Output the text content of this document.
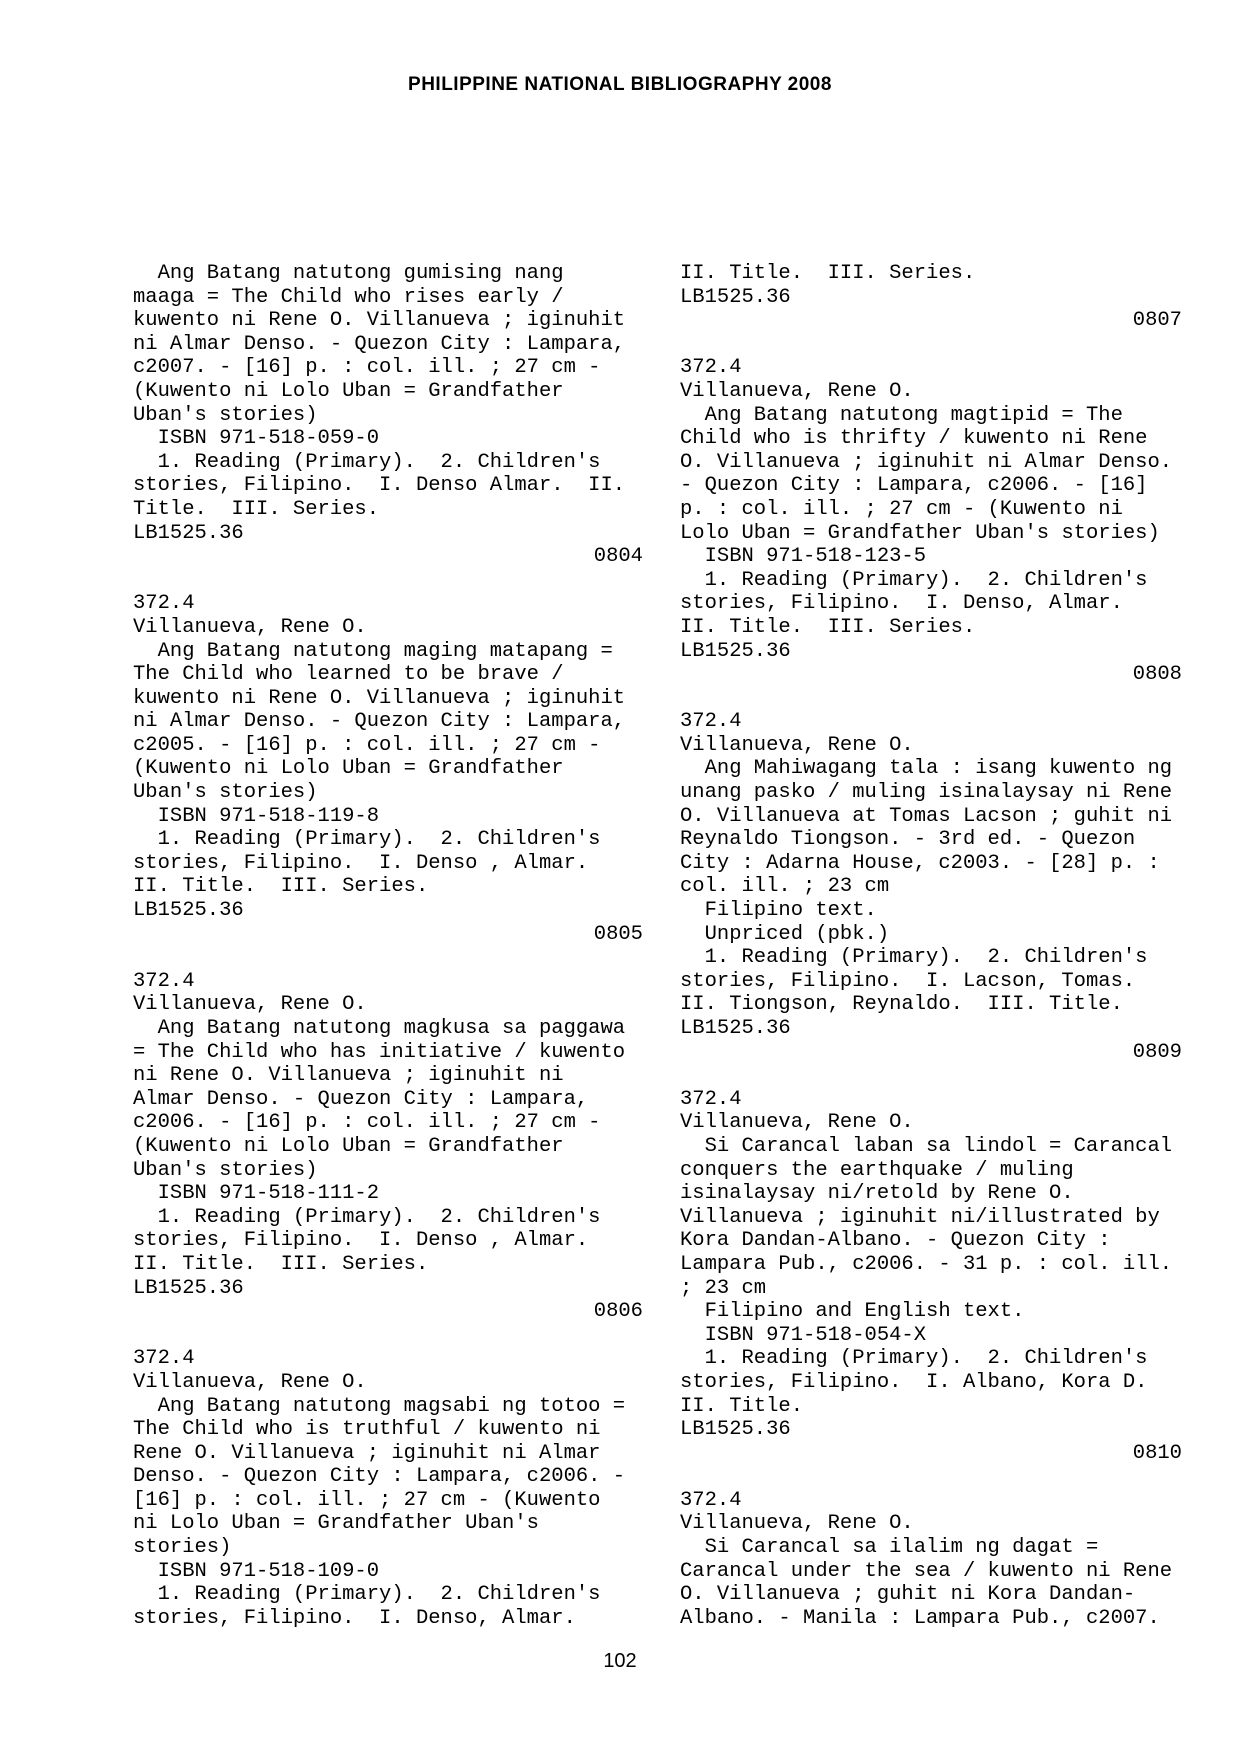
PHILIPPINE NATIONAL BIBLIOGRAPHY 2008
Ang Batang natutong gumising nang
maaga = The Child who rises early /
kuwento ni Rene O. Villanueva ; iginuhit
ni Almar Denso. - Quezon City : Lampara,
c2007. - [16] p. : col. ill. ; 27 cm -
(Kuwento ni Lolo Uban = Grandfather
Uban's stories)
ISBN 971-518-059-0
1. Reading (Primary).  2. Children's
stories, Filipino.  I. Denso Almar.  II.
Title.  III. Series.
LB1525.36
0804
372.4
Villanueva, Rene O.
Ang Batang natutong maging matapang =
The Child who learned to be brave /
kuwento ni Rene O. Villanueva ; iginuhit
ni Almar Denso. - Quezon City : Lampara,
c2005. - [16] p. : col. ill. ; 27 cm -
(Kuwento ni Lolo Uban = Grandfather
Uban's stories)
ISBN 971-518-119-8
1. Reading (Primary).  2. Children's
stories, Filipino.  I. Denso , Almar.
II. Title.  III. Series.
LB1525.36
0805
372.4
Villanueva, Rene O.
Ang Batang natutong magkusa sa paggawa
= The Child who has initiative / kuwento
ni Rene O. Villanueva ; iginuhit ni
Almar Denso. - Quezon City : Lampara,
c2006. - [16] p. : col. ill. ; 27 cm -
(Kuwento ni Lolo Uban = Grandfather
Uban's stories)
ISBN 971-518-111-2
1. Reading (Primary).  2. Children's
stories, Filipino.  I. Denso , Almar.
II. Title.  III. Series.
LB1525.36
0806
372.4
Villanueva, Rene O.
Ang Batang natutong magsabi ng totoo =
The Child who is truthful / kuwento ni
Rene O. Villanueva ; iginuhit ni Almar
Denso. - Quezon City : Lampara, c2006. -
[16] p. : col. ill. ; 27 cm - (Kuwento
ni Lolo Uban = Grandfather Uban's
stories)
ISBN 971-518-109-0
1. Reading (Primary).  2. Children's
stories, Filipino.  I. Denso, Almar.
II. Title.  III. Series.
LB1525.36
0807
372.4
Villanueva, Rene O.
Ang Batang natutong magtipid = The
Child who is thrifty / kuwento ni Rene
O. Villanueva ; iginuhit ni Almar Denso.
- Quezon City : Lampara, c2006. - [16]
p. : col. ill. ; 27 cm - (Kuwento ni
Lolo Uban = Grandfather Uban's stories)
ISBN 971-518-123-5
1. Reading (Primary).  2. Children's
stories, Filipino.  I. Denso, Almar.
II. Title.  III. Series.
LB1525.36
0808
372.4
Villanueva, Rene O.
Ang Mahiwagang tala : isang kuwento ng
unang pasko / muling isinalaysay ni Rene
O. Villanueva at Tomas Lacson ; guhit ni
Reynaldo Tiongson. - 3rd ed. - Quezon
City : Adarna House, c2003. - [28] p. :
col. ill. ; 23 cm
Filipino text.
Unpriced (pbk.)
1. Reading (Primary).  2. Children's
stories, Filipino.  I. Lacson, Tomas.
II. Tiongson, Reynaldo.  III. Title.
LB1525.36
0809
372.4
Villanueva, Rene O.
Si Carancal laban sa lindol = Carancal
conquers the earthquake / muling
isinalaysay ni/retold by Rene O.
Villanueva ; iginuhit ni/illustrated by
Kora Dandan-Albano. - Quezon City :
Lampara Pub., c2006. - 31 p. : col. ill.
; 23 cm
Filipino and English text.
ISBN 971-518-054-X
1. Reading (Primary).  2. Children's
stories, Filipino.  I. Albano, Kora D.
II. Title.
LB1525.36
0810
372.4
Villanueva, Rene O.
Si Carancal sa ilalim ng dagat =
Carancal under the sea / kuwento ni Rene
O. Villanueva ; guhit ni Kora Dandan-
Albano. - Manila : Lampara Pub., c2007.
102
